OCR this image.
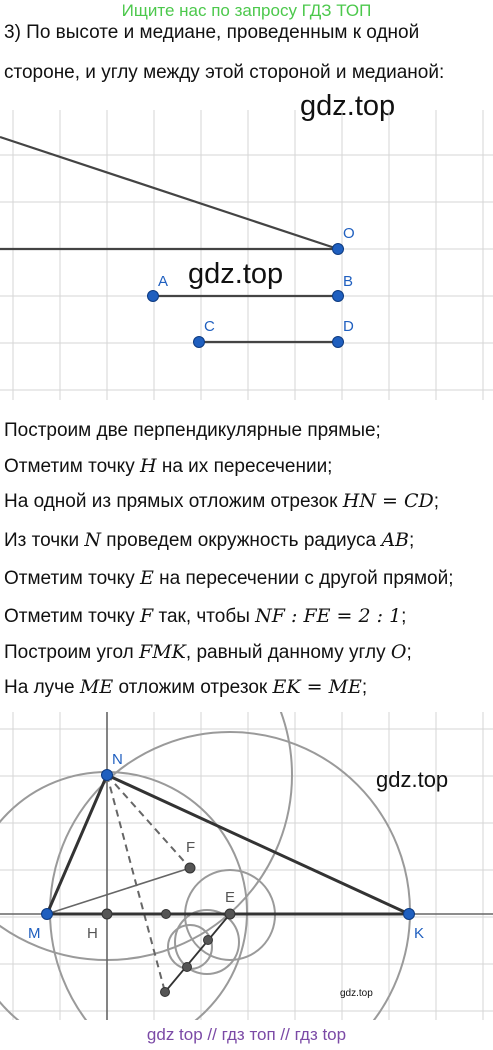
Ищите нас по запросу ГДЗ ТОП
3) По высоте и медиане, проведенным к одной
стороне, и углу между этой стороной и медианой:
gdz.top
O
A	B
C	D
gdz.top
Построим две перпендикулярные прямые;
Отметим точку H на их пересечении;
На одной из прямых отложим отрезок HN = CD;
Из точки N проведем окружность радиуса AB;
Отметим точку E на пересечении с другой прямой;
Отметим точку F так, чтобы NF : FE = 2 : 1;
Построим угол FMK, равный данному углу O;
На луче ME отложим отрезок EK = ME;
N
M	K
F
E
H
gdz.top
gdz.top
gdz top // гдз топ // гдз top
